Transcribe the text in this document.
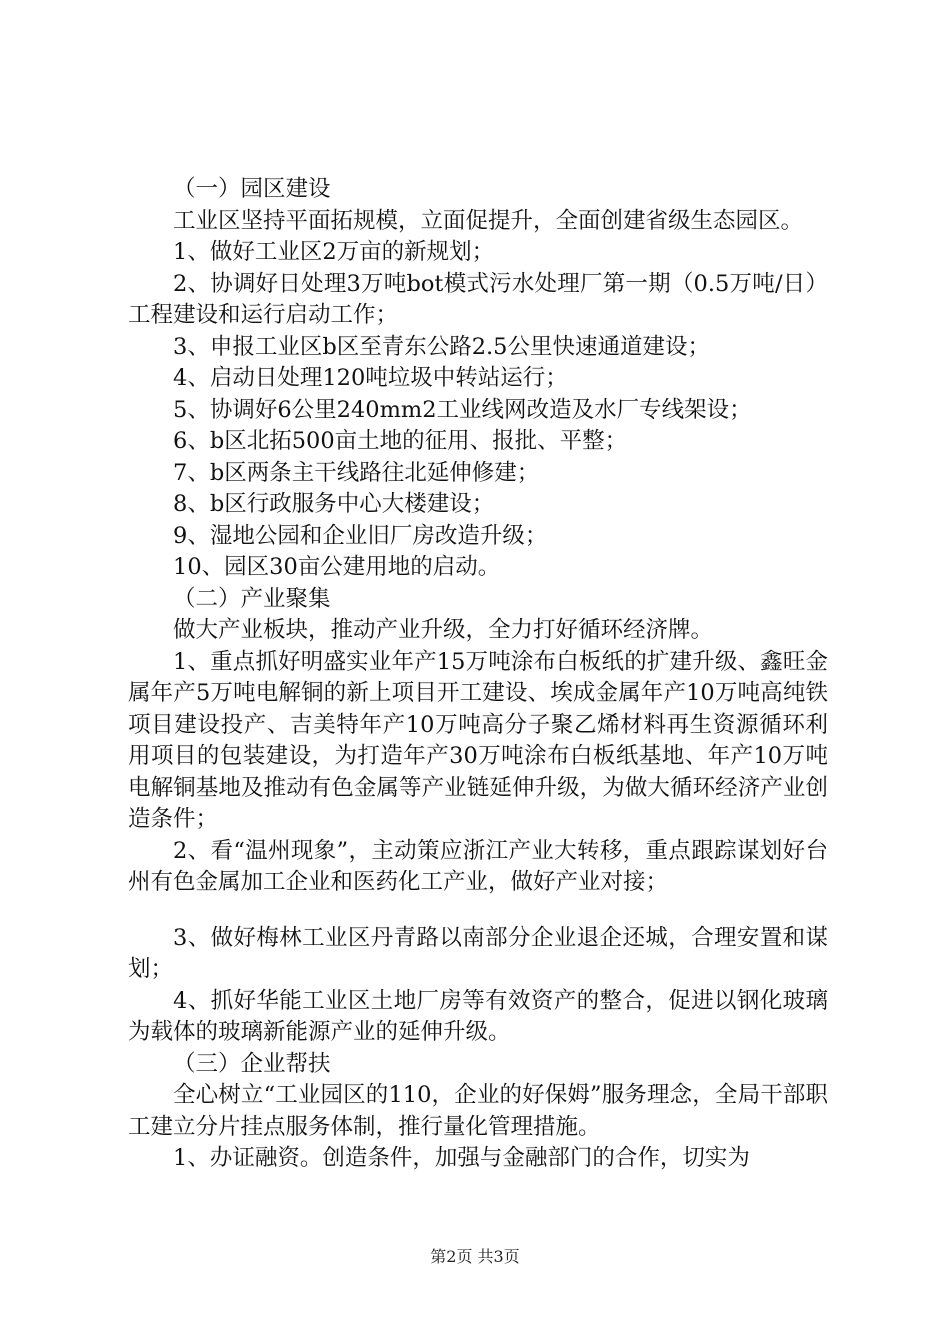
（一）园区建设

工业区坚持平面拓规模，立面促提升，全面创建省级生态园区。

1、做好工业区2万亩的新规划；

2、协调好日处理3万吨bot模式污水处理厂第一期（0.5万吨/日）工程建设和运行启动工作；

3、申报工业区b区至青东公路2.5公里快速通道建设；

4、启动日处理120吨垃圾中转站运行；

5、协调好6公里240mm2工业线网改造及水厂专线架设；

6、b区北拓500亩土地的征用、报批、平整；

7、b区两条主干线路往北延伸修建；

8、b区行政服务中心大楼建设；

9、湿地公园和企业旧厂房改造升级；

10、园区30亩公建用地的启动。

（二）产业聚集

做大产业板块，推动产业升级，全力打好循环经济牌。

1、重点抓好明盛实业年产15万吨涂布白板纸的扩建升级、鑫旺金属年产5万吨电解铜的新上项目开工建设、埃成金属年产10万吨高纯铁项目建设投产、吉美特年产10万吨高分子聚乙烯材料再生资源循环利用项目的包装建设，为打造年产30万吨涂布白板纸基地、年产10万吨电解铜基地及推动有色金属等产业链延伸升级，为做大循环经济产业创造条件；

2、看“温州现象”，主动策应浙江产业大转移，重点跟踪谋划好台州有色金属加工企业和医药化工产业，做好产业对接；

3、做好梅林工业区丹青路以南部分企业退企还城，合理安置和谋划；

4、抓好华能工业区土地厂房等有效资产的整合，促进以钢化玻璃为载体的玻璃新能源产业的延伸升级。

（三）企业帮扶

全心树立“工业园区的110，企业的好保姆”服务理念，全局干部职工建立分片挂点服务体制，推行量化管理措施。

1、办证融资。创造条件，加强与金融部门的合作，切实为

第2页 共3页
